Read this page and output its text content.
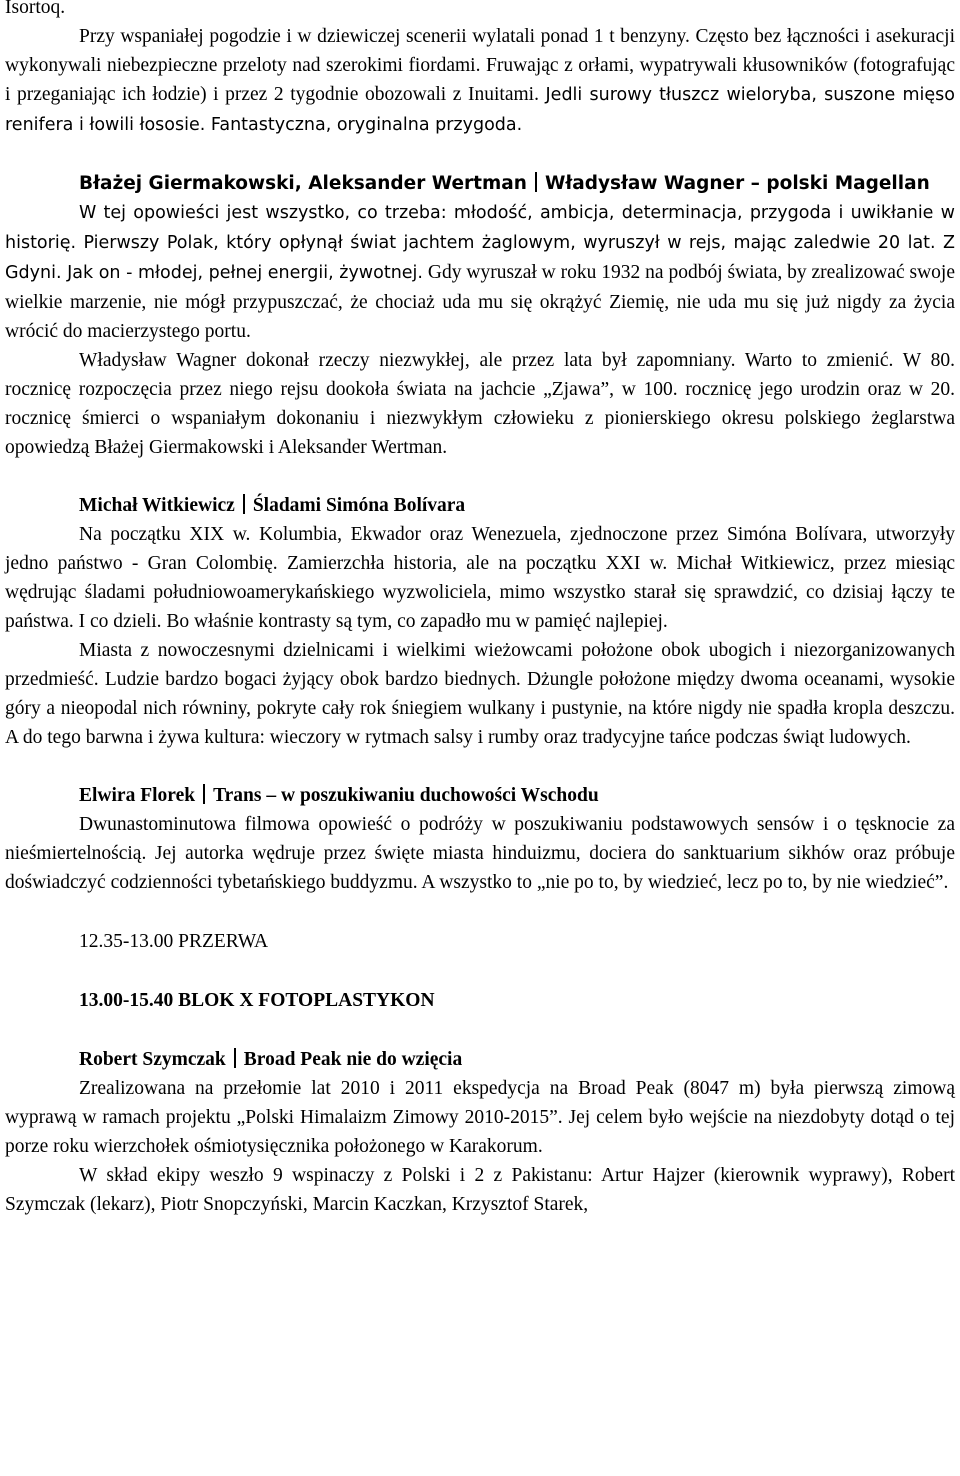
Isortoq.

Przy wspaniałej pogodzie i w dziewiczej scenerii wylatali ponad 1 t benzyny. Często bez łączności i asekuracji wykonywali niebezpieczne przeloty nad szerokimi fiordami. Fruwając z orłami, wypatrywali kłusowników (fotografując i przeganiając ich łodzie) i przez 2 tygodnie obozowali z Inuitami. Jedli surowy tłuszcz wieloryba, suszone mięso renifera i łowili łososie. Fantastyczna, oryginalna przygoda.

Błażej Giermakowski, Aleksander Wertman Władysław Wagner – polski Magellan

W tej opowieści jest wszystko, co trzeba: młodość, ambicja, determinacja, przygoda i uwikłanie w historię. Pierwszy Polak, który opłynął świat jachtem żaglowym, wyruszył w rejs, mając zaledwie 20 lat. Z Gdyni. Jak on - młodej, pełnej energii, żywotnej. Gdy wyruszał w roku 1932 na podbój świata, by zrealizować swoje wielkie marzenie, nie mógł przypuszczać, że chociaż uda mu się okrążyć Ziemię, nie uda mu się już nigdy za życia wrócić do macierzystego portu.

Władysław Wagner dokonał rzeczy niezwykłej, ale przez lata był zapomniany. Warto to zmienić. W 80. rocznicę rozpoczęcia przez niego rejsu dookoła świata na jachcie „Zjawa”, w 100. rocznicę jego urodzin oraz w 20. rocznicę śmierci o wspaniałym dokonaniu i niezwykłym człowieku z pionierskiego okresu polskiego żeglarstwa opowiedzą Błażej Giermakowski i Aleksander Wertman.

Michał Witkiewicz Śladami Simóna Bolívara

Na początku XIX w. Kolumbia, Ekwador oraz Wenezuela, zjednoczone przez Simóna Bolívara, utworzyły jedno państwo - Gran Colombię. Zamierzchła historia, ale na początku XXI w. Michał Witkiewicz, przez miesiąc wędrując śladami południowoamerykańskiego wyzwoliciela, mimo wszystko starał się sprawdzić, co dzisiaj łączy te państwa. I co dzieli. Bo właśnie kontrasty są tym, co zapadło mu w pamięć najlepiej.

Miasta z nowoczesnymi dzielnicami i wielkimi wieżowcami położone obok ubogich i niezorganizowanych przedmieść. Ludzie bardzo bogaci żyjący obok bardzo biednych. Dżungle położone między dwoma oceanami, wysokie góry a nieopodal nich równiny, pokryte cały rok śniegiem wulkany i pustynie, na które nigdy nie spadła kropla deszczu. A do tego barwna i żywa kultura: wieczory w rytmach salsy i rumby oraz tradycyjne tańce podczas świąt ludowych.

Elwira Florek Trans – w poszukiwaniu duchowości Wschodu

Dwunastominutowa filmowa opowieść o podróży w poszukiwaniu podstawowych sensów i o tęsknocie za nieśmiertelnością. Jej autorka wędruje przez święte miasta hinduizmu, dociera do sanktuarium sikhów oraz próbuje doświadczyć codzienności tybetańskiego buddyzmu. A wszystko to „nie po to, by wiedzieć, lecz po to, by nie wiedzieć”.

12.35-13.00 PRZERWA

13.00-15.40 BLOK X FOTOPLASTYKON

Robert Szymczak Broad Peak nie do wzięcia

Zrealizowana na przełomie lat 2010 i 2011 ekspedycja na Broad Peak (8047 m) była pierwszą zimową wyprawą w ramach projektu „Polski Himalaizm Zimowy 2010-2015”. Jej celem było wejście na niezdobyty dotąd o tej porze roku wierzchołek ośmiotysięcznika położonego w Karakorum.

W skład ekipy weszło 9 wspinaczy z Polski i 2 z Pakistanu: Artur Hajzer (kierownik wyprawy), Robert Szymczak (lekarz), Piotr Snopczyński, Marcin Kaczkan, Krzysztof Starek,
